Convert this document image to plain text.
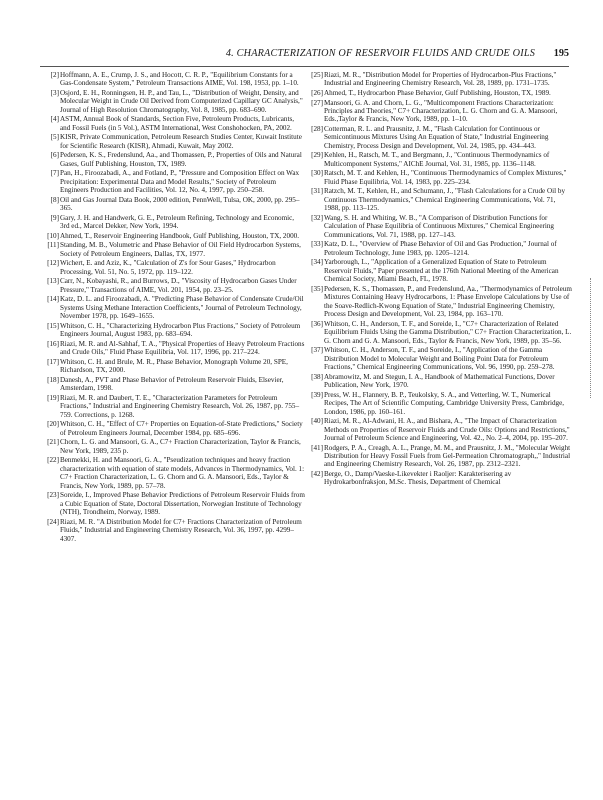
4. CHARACTERIZATION OF RESERVOIR FLUIDS AND CRUDE OILS 195
[2] Hoffmann, A. E., Crump, J. S., and Hocott, C. R. P., "Equilibrium Constants for a Gas-Condensate System," Petroleum Transactions AIME, Vol. 198, 1953, pp. 1–10.
[3] Osjord, E. H., Ronningsen, H. P., and Tau, L., "Distribution of Weight, Density, and Molecular Weight in Crude Oil Derived from Computerized Capillary GC Analysis," Journal of High Resolution Chromatography, Vol. 8, 1985, pp. 683–690.
[4] ASTM, Annual Book of Standards, Section Five, Petroleum Products, Lubricants, and Fossil Fuels (in 5 Vol.), ASTM International, West Conshohocken, PA, 2002.
[5] KISR, Private Communication, Petroleum Research Studies Center, Kuwait Institute for Scientific Research (KISR), Ahmadi, Kuwait, May 2002.
[6] Pedersen, K. S., Fredenslund, Aa., and Thomassen, P., Properties of Oils and Natural Gases, Gulf Publishing, Houston, TX, 1989.
[7] Pan, H., Firoozabadi, A., and Fotland, P., "Pressure and Composition Effect on Wax Precipitation: Experimental Data and Model Results," Society of Petroleum Engineers Production and Facilities, Vol. 12, No. 4, 1997, pp. 250–258.
[8] Oil and Gas Journal Data Book, 2000 edition, PennWell, Tulsa, OK, 2000, pp. 295–365.
[9] Gary, J. H. and Handwerk, G. E., Petroleum Refining, Technology and Economic, 3rd ed., Marcel Dekker, New York, 1994.
[10] Ahmed, T., Reservoir Engineering Handbook, Gulf Publishing, Houston, TX, 2000.
[11] Standing, M. B., Volumetric and Phase Behavior of Oil Field Hydrocarbon Systems, Society of Petroleum Engineers, Dallas, TX, 1977.
[12] Wichert, E. and Aziz, K., "Calculation of Z's for Sour Gases," Hydrocarbon Processing, Vol. 51, No. 5, 1972, pp. 119–122.
[13] Carr, N., Kobayashi, R., and Burrows, D., "Viscosity of Hydrocarbon Gases Under Pressure," Transactions of AIME, Vol. 201, 1954, pp. 23–25.
[14] Katz, D. L. and Firoozabadi, A. "Predicting Phase Behavior of Condensate Crude/Oil Systems Using Methane Interaction Coefficients," Journal of Petroleum Technology, November 1978, pp. 1649–1655.
[15] Whitson, C. H., "Characterizing Hydrocarbon Plus Fractions," Society of Petroleum Engineers Journal, August 1983, pp. 683–694.
[16] Riazi, M. R. and Al-Sahhaf, T. A., "Physical Properties of Heavy Petroleum Fractions and Crude Oils," Fluid Phase Equilibria, Vol. 117, 1996, pp. 217–224.
[17] Whitson, C. H. and Brule, M. R., Phase Behavior, Monograph Volume 20, SPE, Richardson, TX, 2000.
[18] Danesh, A., PVT and Phase Behavior of Petroleum Reservoir Fluids, Elsevier, Amsterdam, 1998.
[19] Riazi, M. R. and Daubert, T. E., "Characterization Parameters for Petroleum Fractions," Industrial and Engineering Chemistry Research, Vol. 26, 1987, pp. 755–759. Corrections, p. 1268.
[20] Whitson, C. H., "Effect of C7+ Properties on Equation-of-State Predictions," Society of Petroleum Engineers Journal, December 1984, pp. 685–696.
[21] Chorn, L. G. and Mansoori, G. A., C7+ Fraction Characterization, Taylor & Francis, New York, 1989, 235 p.
[22] Benmekki, H. and Mansoori, G. A., "Pseudization techniques and heavy fraction characterization with equation of state models, Advances in Thermodynamics, Vol. 1: C7+ Fraction Characterization, L. G. Chorn and G. A. Mansoori, Eds., Taylor & Francis, New York, 1989, pp. 57–78.
[23] Soreide, I., Improved Phase Behavior Predictions of Petroleum Reservoir Fluids from a Cubic Equation of State, Doctoral Dissertation, Norwegian Institute of Technology (NTH), Trondheim, Norway, 1989.
[24] Riazi, M. R. "A Distribution Model for C7+ Fractions Characterization of Petroleum Fluids," Industrial and Engineering Chemistry Research, Vol. 36, 1997, pp. 4299–4307.
[25] Riazi, M. R., "Distribution Model for Properties of Hydrocarbon-Plus Fractions," Industrial and Engineering Chemistry Research, Vol. 28, 1989, pp. 1731–1735.
[26] Ahmed, T., Hydrocarbon Phase Behavior, Gulf Publishing, Houston, TX, 1989.
[27] Mansoori, G. A. and Chorn, L. G., "Multicomponent Fractions Characterization: Principles and Theories," C7+ Characterization, L. G. Chorn and G. A. Mansoori, Eds.,Taylor & Francis, New York, 1989, pp. 1–10.
[28] Cotterman, R. L. and Prausnitz, J. M., "Flash Calculation for Continuous or Semicontinuous Mixtures Using An Equation of State," Industrial Engineering Chemistry, Process Design and Development, Vol. 24, 1985, pp. 434–443.
[29] Kehlen, H., Ratsch, M. T., and Bergmann, J., "Continuous Thermodynamics of Multicomponent Systems," AIChE Journal, Vol. 31, 1985, pp. 1136–1148.
[30] Ratsch, M. T. and Kehlen, H., "Continuous Thermodynamics of Complex Mixtures," Fluid Phase Equilibria, Vol. 14, 1983, pp. 225–234.
[31] Ratzch, M. T., Kehlen, H., and Schumann, J., "Flash Calculations for a Crude Oil by Continuous Thermodynamics," Chemical Engineering Communications, Vol. 71, 1988, pp. 113–125.
[32] Wang, S. H. and Whiting, W. B., "A Comparison of Distribution Functions for Calculation of Phase Equilibria of Continuous Mixtures," Chemical Engineering Communications, Vol. 71, 1988, pp. 127–143.
[33] Katz, D. L., "Overview of Phase Behavior of Oil and Gas Production," Journal of Petroleum Technology, June 1983, pp. 1205–1214.
[34] Yarborough, L., "Application of a Generalized Equation of State to Petroleum Reservoir Fluids," Paper presented at the 176th National Meeting of the American Chemical Society, Miami Beach, FL, 1978.
[35] Pedersen, K. S., Thomassen, P., and Fredenslund, Aa., "Thermodynamics of Petroleum Mixtures Containing Heavy Hydrocarbons, 1: Phase Envelope Calculations by Use of the Soave-Redlich-Kwong Equation of State," Industrial Engineering Chemistry, Process Design and Development, Vol. 23, 1984, pp. 163–170.
[36] Whitson, C. H., Anderson, T. F., and Soreide, I., "C7+ Characterization of Related Equilibrium Fluids Using the Gamma Distribution," C7+ Fraction Characterization, L. G. Chorn and G. A. Mansoori, Eds., Taylor & Francis, New York, 1989, pp. 35–56.
[37] Whitson, C. H., Anderson, T. F., and Soreide, I., "Application of the Gamma Distribution Model to Molecular Weight and Boiling Point Data for Petroleum Fractions," Chemical Engineering Communications, Vol. 96, 1990, pp. 259–278.
[38] Abramowitz, M. and Stegun, I. A., Handbook of Mathematical Functions, Dover Publication, New York, 1970.
[39] Press, W. H., Flannery, B. P., Teukolsky, S. A., and Vetterling, W. T., Numerical Recipes, The Art of Scientific Computing, Cambridge University Press, Cambridge, London, 1986, pp. 160–161.
[40] Riazi, M. R., Al-Adwani, H. A., and Bishara, A., "The Impact of Characterization Methods on Properties of Reservoir Fluids and Crude Oils: Options and Restrictions," Journal of Petroleum Science and Engineering, Vol. 42., No. 2–4, 2004, pp. 195–207.
[41] Rodgers, P. A., Creagh, A. L., Prange, M. M., and Prausnitz, J. M., "Molecular Weight Distribution for Heavy Fossil Fuels from Gel-Permeation Chromatograph,," Industrial and Engineering Chemistry Research, Vol. 26, 1987, pp. 2312–2321.
[42] Berge, O., Damp/Vaeske-Likevekter i Raoljer: Karakterisering av Hydrokarbonfraksjon, M.Sc. Thesis, Department of Chemical
